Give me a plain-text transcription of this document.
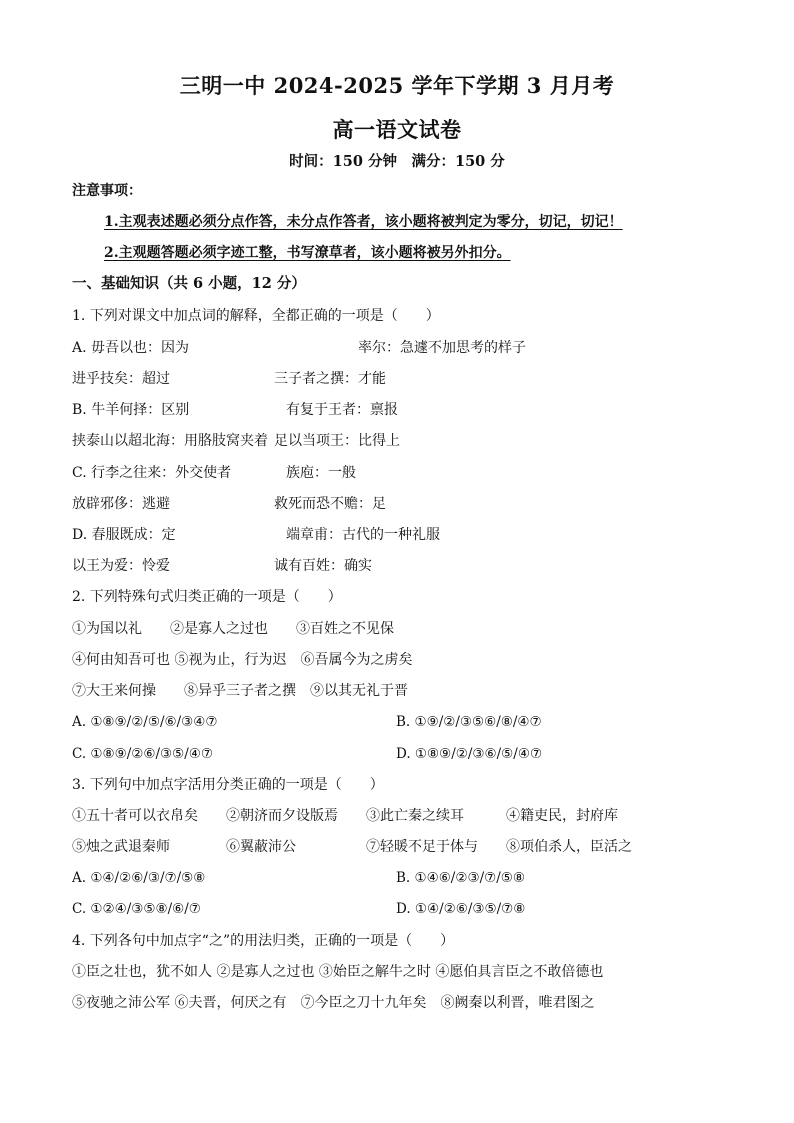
三明一中 2024-2025 学年下学期 3 月月考
高一语文试卷
时间：150 分钟　满分：150 分
注意事项：
1.主观表述题必须分点作答，未分点作答者，该小题将被判定为零分，切记，切记！
2.主观题答题必须字迹工整，书写潦草者，该小题将被另外扣分。
一、基础知识（共 6 小题，12 分）
1. 下列对课文中加点词的解释，全都正确的一项是（　　）
A. 毋吾以也：因为	率尔：急遽不加思考的样子
进乎技矣：超过	三子者之撰：才能
B. 牛羊何择：区别	有复于王者：禀报
挟泰山以超北海：用胳肢窝夹着 足以当项王：比得上
C. 行李之往来：外交使者	族庖：一般
放辟邪侈：逃避	救死而恐不赡：足
D. 春服既成：定	端章甫：古代的一种礼服
以王为爱：怜爱	诚有百姓：确实
2. 下列特殊句式归类正确的一项是（　　）
①为国以礼　　②是寡人之过也　　③百姓之不见保
④何由知吾可也 ⑤视为止，行为迟　⑥吾属今为之虏矣
⑦大王来何操　　⑧异乎三子者之撰　⑨以其无礼于晋
A. ①⑧⑨/②/⑤/⑥/③④⑦	B. ①⑨/②/③⑤⑥/⑧/④⑦
C. ①⑧⑨/②⑥/③⑤/④⑦	D. ①⑧⑨/②/③⑥/⑤/④⑦
3. 下列句中加点字活用分类正确的一项是（　　）
①五十者可以衣帛矣 ②朝济而夕设版焉 ③此亡秦之续耳	④籍吏民，封府库
⑤烛之武退秦师	⑥翼蔽沛公	⑦轻暖不足于体与 ⑧项伯杀人，臣活之
A. ①④/②⑥/③/⑦/⑤⑧	B. ①④⑥/②③/⑦/⑤⑧
C. ①②④/③⑤⑧/⑥/⑦	D. ①④/②⑥/③⑤/⑦⑧
4. 下列各句中加点字“之”的用法归类，正确的一项是（　　）
①臣之壮也，犹不如人 ②是寡人之过也 ③始臣之解牛之时 ④愿伯具言臣之不敢倍德也
⑤夜驰之沛公军 ⑥夫晋，何厌之有　⑦今臣之刀十九年矣　⑧阙秦以利晋，唯君图之
